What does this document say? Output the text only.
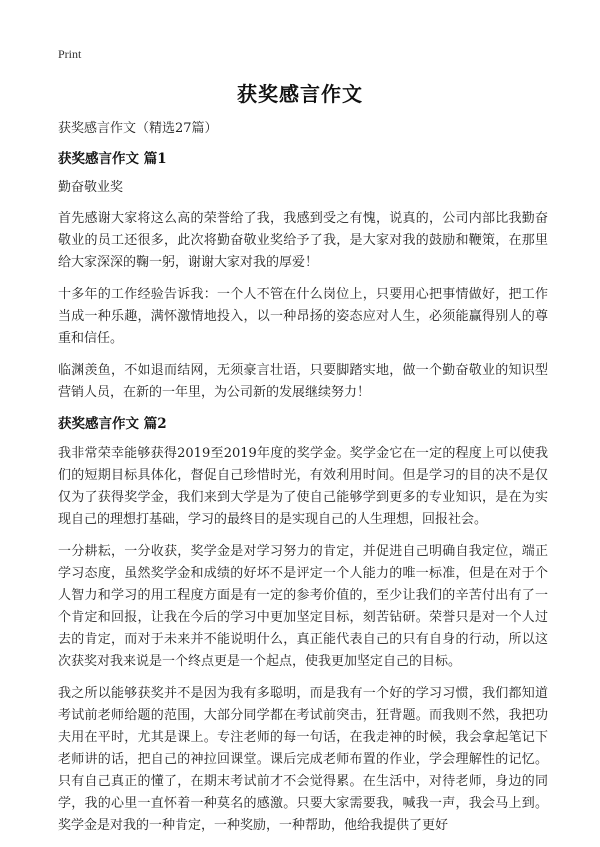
Print
获奖感言作文
获奖感言作文（精选27篇）
获奖感言作文 篇1
勤奋敬业奖

首先感谢大家将这么高的荣誉给了我，我感到受之有愧，说真的，公司内部比我勤奋敬业的员工还很多，此次将勤奋敬业奖给予了我，是大家对我的鼓励和鞭策，在那里给大家深深的鞠一躬，谢谢大家对我的厚爱！

十多年的工作经验告诉我：一个人不管在什么岗位上，只要用心把事情做好，把工作当成一种乐趣，满怀激情地投入，以一种昂扬的姿态应对人生，必须能赢得别人的尊重和信任。

临渊羡鱼，不如退而结网，无须豪言壮语，只要脚踏实地，做一个勤奋敬业的知识型营销人员，在新的一年里，为公司新的发展继续努力！

获奖感言作文 篇2

我非常荣幸能够获得2019至2019年度的奖学金。奖学金它在一定的程度上可以使我们的短期目标具体化，督促自己珍惜时光，有效利用时间。但是学习的目的决不是仅仅为了获得奖学金，我们来到大学是为了使自己能够学到更多的专业知识，是在为实现自己的理想打基础，学习的最终目的是实现自己的人生理想，回报社会。

一分耕耘，一分收获，奖学金是对学习努力的肯定，并促进自己明确自我定位，端正学习态度，虽然奖学金和成绩的好坏不是评定一个人能力的唯一标准，但是在对于个人智力和学习的用工程度方面是有一定的参考价值的，至少让我们的辛苦付出有了一个肯定和回报，让我在今后的学习中更加坚定目标，刻苦钻研。荣誉只是对一个人过去的肯定，而对于未来并不能说明什么，真正能代表自己的只有自身的行动，所以这次获奖对我来说是一个终点更是一个起点，使我更加坚定自己的目标。

我之所以能够获奖并不是因为我有多聪明，而是我有一个好的学习习惯，我们都知道考试前老师给题的范围，大部分同学都在考试前突击，狂背题。而我则不然，我把功夫用在平时，尤其是课上。专注老师的每一句话，在我走神的时候，我会拿起笔记下老师讲的话，把自己的神拉回课堂。课后完成老师布置的作业，学会理解性的记忆。只有自己真正的懂了，在期末考试前才不会觉得累。在生活中，对待老师，身边的同学，我的心里一直怀着一种莫名的感激。只要大家需要我，喊我一声，我会马上到。奖学金是对我的一种肯定，一种奖励，一种帮助，他给我提供了更好
